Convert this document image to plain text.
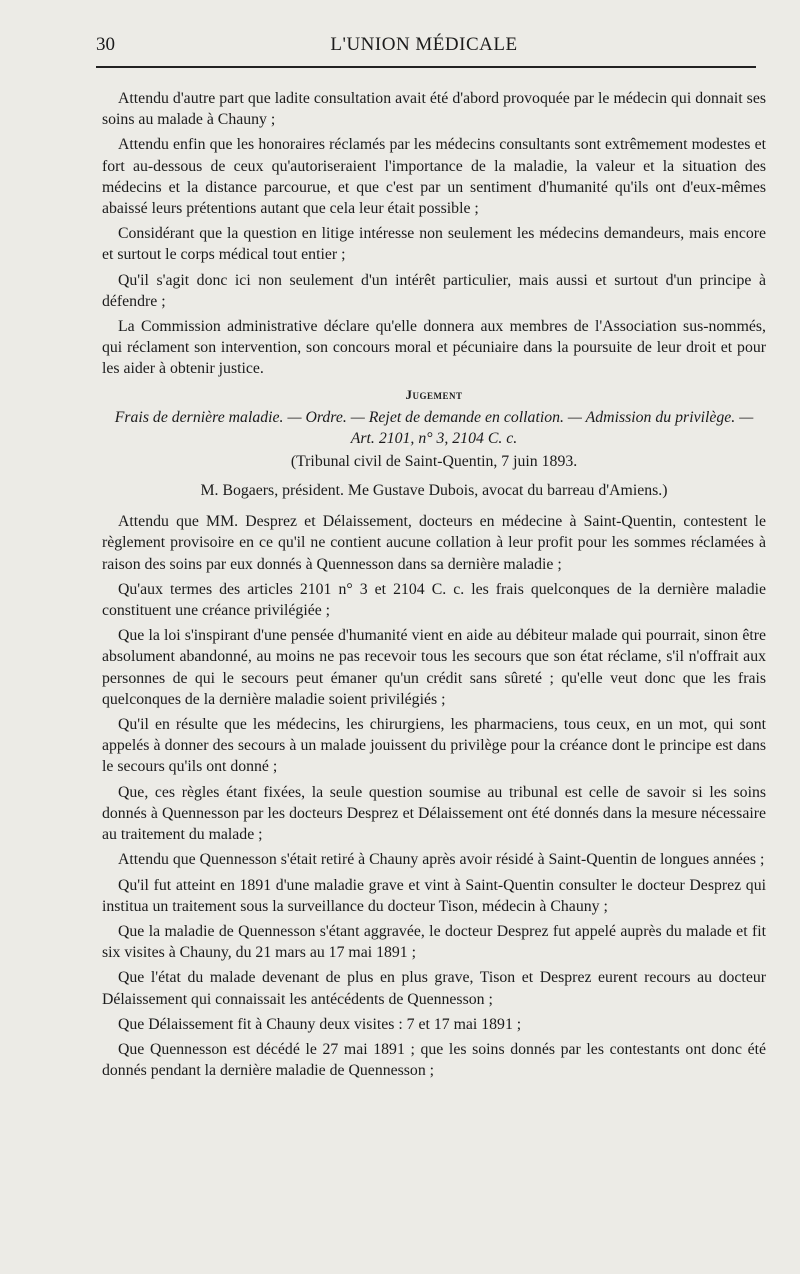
30	L'UNION MÉDICALE

Attendu d'autre part que ladite consultation avait été d'abord provoquée par le médecin qui donnait ses soins au malade à Chauny ;

Attendu enfin que les honoraires réclamés par les médecins consultants sont extrêmement modestes et fort au-dessous de ceux qu'autoriseraient l'importance de la maladie, la valeur et la situation des médecins et la distance parcourue, et que c'est par un sentiment d'humanité qu'ils ont d'eux-mêmes abaissé leurs prétentions autant que cela leur était possible ;

Considérant que la question en litige intéresse non seulement les médecins demandeurs, mais encore et surtout le corps médical tout entier ;

Qu'il s'agit donc ici non seulement d'un intérêt particulier, mais aussi et surtout d'un principe à défendre ;

La Commission administrative déclare qu'elle donnera aux membres de l'Association sus-nommés, qui réclament son intervention, son concours moral et pécuniaire dans la poursuite de leur droit et pour les aider à obtenir justice.

Jugement
Frais de dernière maladie. — Ordre. — Rejet de demande en collation. — Admission du privilège. — Art. 2101, n° 3, 2104 C. c.
(Tribunal civil de Saint-Quentin, 7 juin 1893.
M. Bogaers, président. Me Gustave Dubois, avocat du barreau d'Amiens.)

Attendu que MM. Desprez et Délaissement, docteurs en médecine à Saint-Quentin, contestent le règlement provisoire en ce qu'il ne contient aucune collation à leur profit pour les sommes réclamées à raison des soins par eux donnés à Quennesson dans sa dernière maladie ;

Qu'aux termes des articles 2101 n° 3 et 2104 C. c. les frais quelconques de la dernière maladie constituent une créance privilégiée ;

Que la loi s'inspirant d'une pensée d'humanité vient en aide au débiteur malade qui pourrait, sinon être absolument abandonné, au moins ne pas recevoir tous les secours que son état réclame, s'il n'offrait aux personnes de qui le secours peut émaner qu'un crédit sans sûreté ; qu'elle veut donc que les frais quelconques de la dernière maladie soient privilégiés ;

Qu'il en résulte que les médecins, les chirurgiens, les pharmaciens, tous ceux, en un mot, qui sont appelés à donner des secours à un malade jouissent du privilège pour la créance dont le principe est dans le secours qu'ils ont donné ;

Que, ces règles étant fixées, la seule question soumise au tribunal est celle de savoir si les soins donnés à Quennesson par les docteurs Desprez et Délaissement ont été donnés dans la mesure nécessaire au traitement du malade ;

Attendu que Quennesson s'était retiré à Chauny après avoir résidé à Saint-Quentin de longues années ;

Qu'il fut atteint en 1891 d'une maladie grave et vint à Saint-Quentin consulter le docteur Desprez qui institua un traitement sous la surveillance du docteur Tison, médecin à Chauny ;

Que la maladie de Quennesson s'étant aggravée, le docteur Desprez fut appelé auprès du malade et fit six visites à Chauny, du 21 mars au 17 mai 1891 ;

Que l'état du malade devenant de plus en plus grave, Tison et Desprez eurent recours au docteur Délaissement qui connaissait les antécédents de Quennesson ;

Que Délaissement fit à Chauny deux visites : 7 et 17 mai 1891 ;

Que Quennesson est décédé le 27 mai 1891 ; que les soins donnés par les contestants ont donc été donnés pendant la dernière maladie de Quennesson ;
